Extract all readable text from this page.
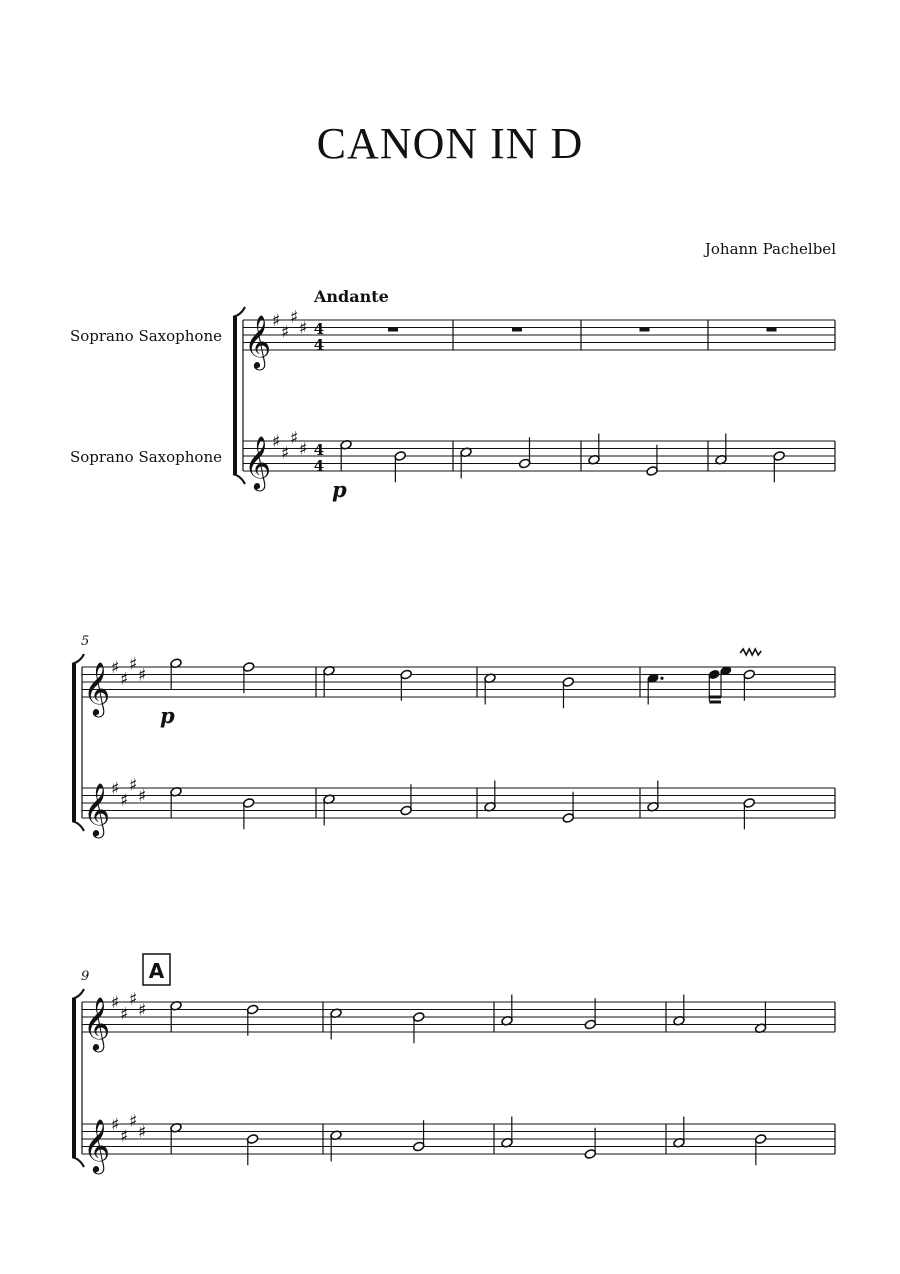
CANON IN D
Johann Pachelbel
𝄞 ♯
♯
♯
♯ 4
4
𝄞 ♯
♯
♯
♯ 4
4
𝄞 ♯
♯
♯
♯
𝄞 ♯
♯
♯
♯
5
𝄞 ♯
♯
♯
♯
𝄞 ♯
♯
♯
♯
9
Soprano Saxophone
Soprano Saxophone
Andante
p
p
A
